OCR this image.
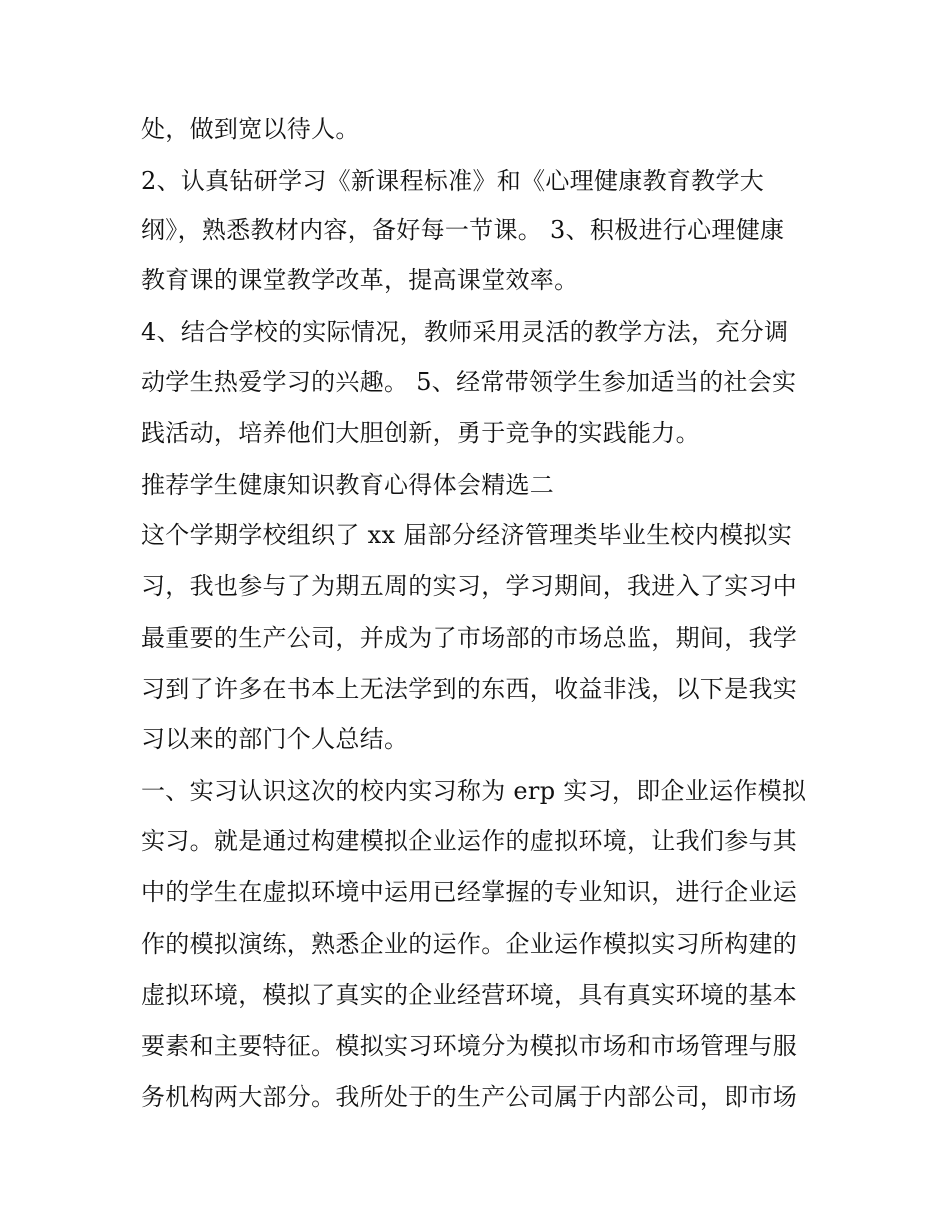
处，做到宽以待人。
2、认真钻研学习《新课程标准》和《心理健康教育教学大
纲》，熟悉教材内容，备好每一节课。 3、积极进行心理健康
教育课的课堂教学改革，提高课堂效率。
4、结合学校的实际情况，教师采用灵活的教学方法，充分调
动学生热爱学习的兴趣。 5、经常带领学生参加适当的社会实
践活动，培养他们大胆创新，勇于竞争的实践能力。
推荐学生健康知识教育心得体会精选二
这个学期学校组织了 xx 届部分经济管理类毕业生校内模拟实
习，我也参与了为期五周的实习，学习期间，我进入了实习中
最重要的生产公司，并成为了市场部的市场总监，期间，我学
习到了许多在书本上无法学到的东西，收益非浅，以下是我实
习以来的部门个人总结。
一、实习认识这次的校内实习称为 erp 实习，即企业运作模拟
实习。就是通过构建模拟企业运作的虚拟环境，让我们参与其
中的学生在虚拟环境中运用已经掌握的专业知识，进行企业运
作的模拟演练，熟悉企业的运作。企业运作模拟实习所构建的
虚拟环境，模拟了真实的企业经营环境，具有真实环境的基本
要素和主要特征。模拟实习环境分为模拟市场和市场管理与服
务机构两大部分。我所处于的生产公司属于内部公司，即市场
